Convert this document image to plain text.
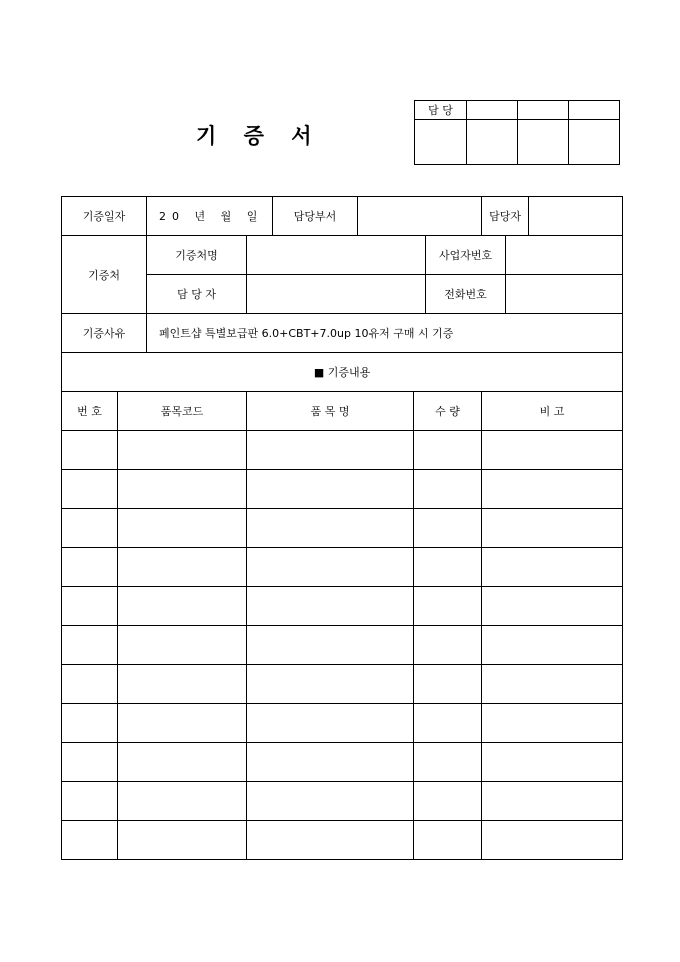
기 증 서
담 당			

기증일자		20 년 월 일		담당부서				담당자		
기증처		기증처명					사업자번호			
		담 당 자					전화번호			
기증사유		페인트샵 특별보급판 6.0+CBT+7.0up 10유저 구매 시 기증								
■ 기증내용										
번 호	품목코드		품 목 명			수 량		비 고		
